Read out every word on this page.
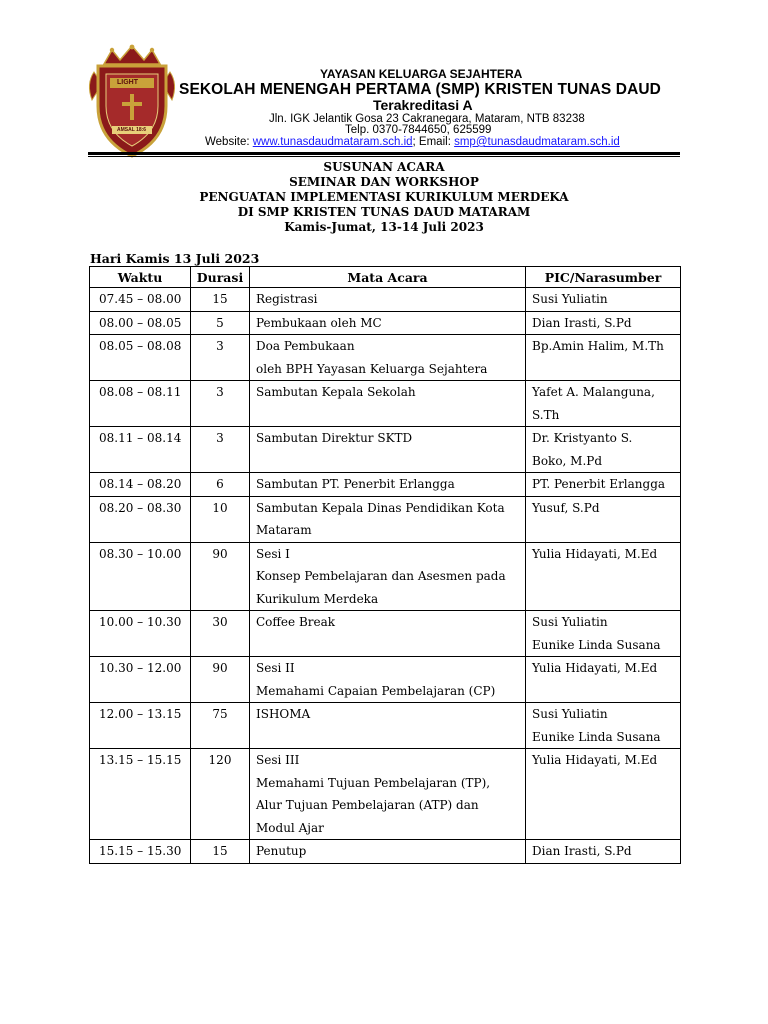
LIGHT
AMSAL 18:6
YAYASAN KELUARGA SEJAHTERA
SEKOLAH MENENGAH PERTAMA (SMP) KRISTEN TUNAS DAUD
Terakreditasi A
Jln. IGK Jelantik Gosa 23 Cakranegara, Mataram, NTB 83238
Telp. 0370-7844650, 625599
Website: www.tunasdaudmataram.sch.id; Email: smp@tunasdaudmataram.sch.id
SUSUNAN ACARA
SEMINAR DAN WORKSHOP
PENGUATAN IMPLEMENTASI KURIKULUM MERDEKA
DI SMP KRISTEN TUNAS DAUD MATARAM
Kamis-Jumat, 13-14 Juli 2023
Hari Kamis 13 Juli 2023
Waktu	Durasi	Mata Acara	PIC/Narasumber
07.45 – 08.00	15	Registrasi	Susi Yuliatin

08.00 – 08.05	5	Pembukaan oleh MC	Dian Irasti, S.Pd

08.05 – 08.08	3	Doa Pembukaan
oleh BPH Yayasan Keluarga Sejahtera	Bp.Amin Halim, M.Th

08.08 – 08.11	3	Sambutan Kepala Sekolah	Yafet A. Malanguna,
S.Th

08.11 – 08.14	3	Sambutan Direktur SKTD	Dr. Kristyanto S.
Boko, M.Pd

08.14 – 08.20	6	Sambutan PT. Penerbit Erlangga	PT. Penerbit Erlangga

08.20 – 08.30	10	Sambutan Kepala Dinas Pendidikan Kota
Mataram	Yusuf, S.Pd

08.30 – 10.00	90	Sesi I
Konsep Pembelajaran dan Asesmen pada
Kurikulum Merdeka	Yulia Hidayati, M.Ed

10.00 – 10.30	30	Coffee Break	Susi Yuliatin
Eunike Linda Susana

10.30 – 12.00	90	Sesi II
Memahami Capaian Pembelajaran (CP)	Yulia Hidayati, M.Ed

12.00 – 13.15	75	ISHOMA	Susi Yuliatin
Eunike Linda Susana

13.15 – 15.15	120	Sesi III
Memahami Tujuan Pembelajaran (TP),
Alur Tujuan Pembelajaran (ATP) dan
Modul Ajar	Yulia Hidayati, M.Ed

15.15 – 15.30	15	Penutup	Dian Irasti, S.Pd
